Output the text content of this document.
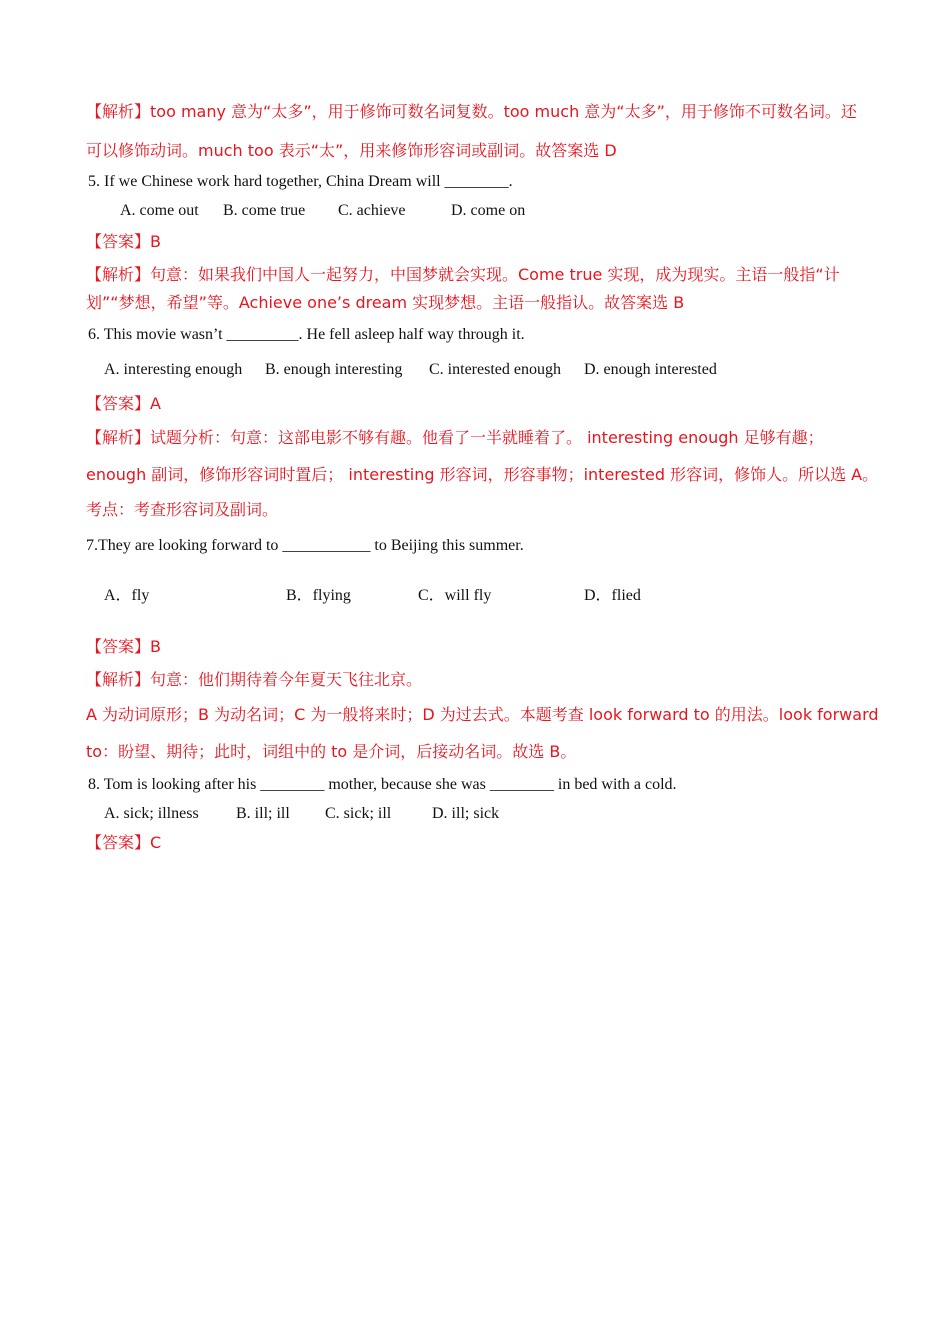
【解析】too many 意为“太多”，用于修饰可数名词复数。too much 意为“太多”，用于修饰不可数名词。还
可以修饰动词。much too 表示“太”，用来修饰形容词或副词。故答案选 D
5. If we Chinese work hard together, China Dream will ________.
A. come out B. come true C. achieve	D. come on
【答案】B
【解析】句意：如果我们中国人一起努力，中国梦就会实现。Come true 实现，成为现实。主语一般指“计
划”“梦想，希望”等。Achieve one’s dream 实现梦想。主语一般指认。故答案选 B
6. This movie wasn’t _________. He fell asleep half way through it.
A. interesting enough B. enough interesting C. interested enough D. enough interested
【答案】A
【解析】试题分析：句意：这部电影不够有趣。他看了一半就睡着了。 interesting enough 足够有趣；
enough 副词，修饰形容词时置后； interesting 形容词，形容事物；interested 形容词，修饰人。所以选 A。
考点：考查形容词及副词。
7.They are looking forward to ___________ to Beijing this summer.
A．fly	B．flying	C．will fly	D．flied
【答案】B
【解析】句意：他们期待着今年夏天飞往北京。
A 为动词原形；B 为动名词；C 为一般将来时；D 为过去式。本题考查 look forward to 的用法。look forward
to：盼望、期待；此时，词组中的 to 是介词，后接动名词。故选 B。
8. Tom is looking after his ________ mother, because she was ________ in bed with a cold.
A. sick; illness B. ill; ill C. sick; ill	D. ill; sick
【答案】C
